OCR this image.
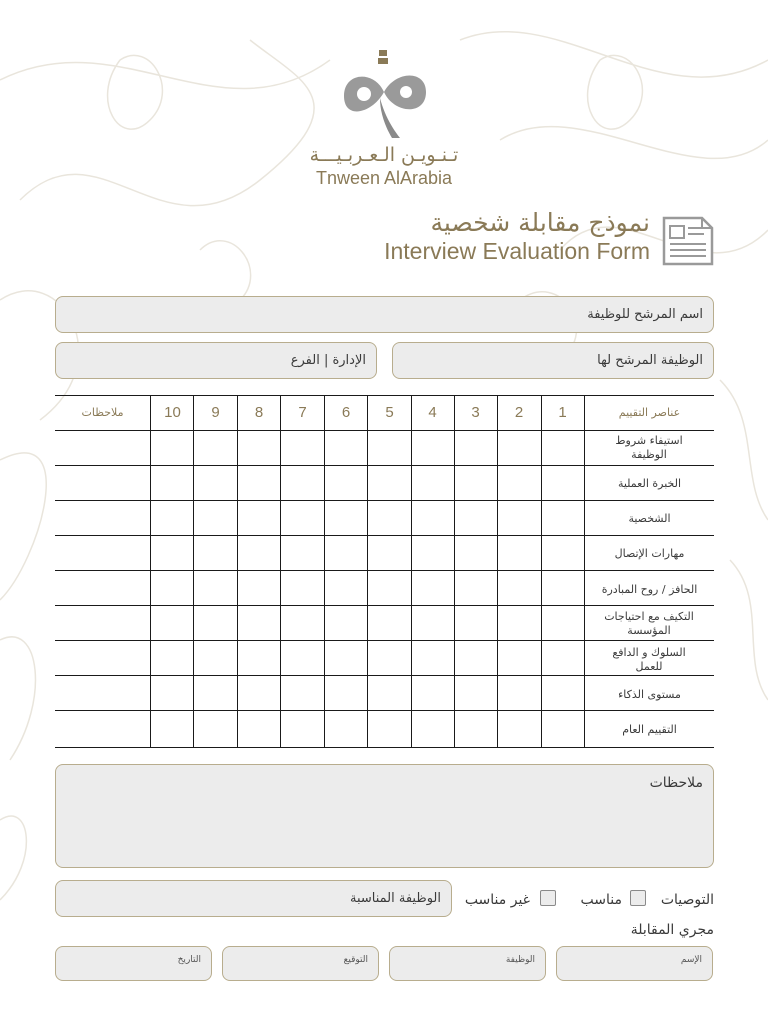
تـنـويـن الـعـربـيـــة
Tnween AlArabia
نموذج مقابلة شخصية
Interview Evaluation Form
اسم المرشح للوظيفة
الإدارة | الفرع	الوظيفة المرشح لها
ملاحظات	10	9	8	7	6	5	4	3	2	1	عناصر التقييم
استيفاء شروط الوظيفة
الخبرة العملية
الشخصية
مهارات الإتصال
الحافز / روح المبادرة
التكيف مع احتياجات المؤسسة
السلوك و الدافع للعمل
مستوى الذكاء
التقييم العام
ملاحظات
التوصيات
مناسب
غير مناسب
الوظيفة المناسبة
مجري المقابلة
الإسم
الوظيفة
التوقيع
التاريخ
